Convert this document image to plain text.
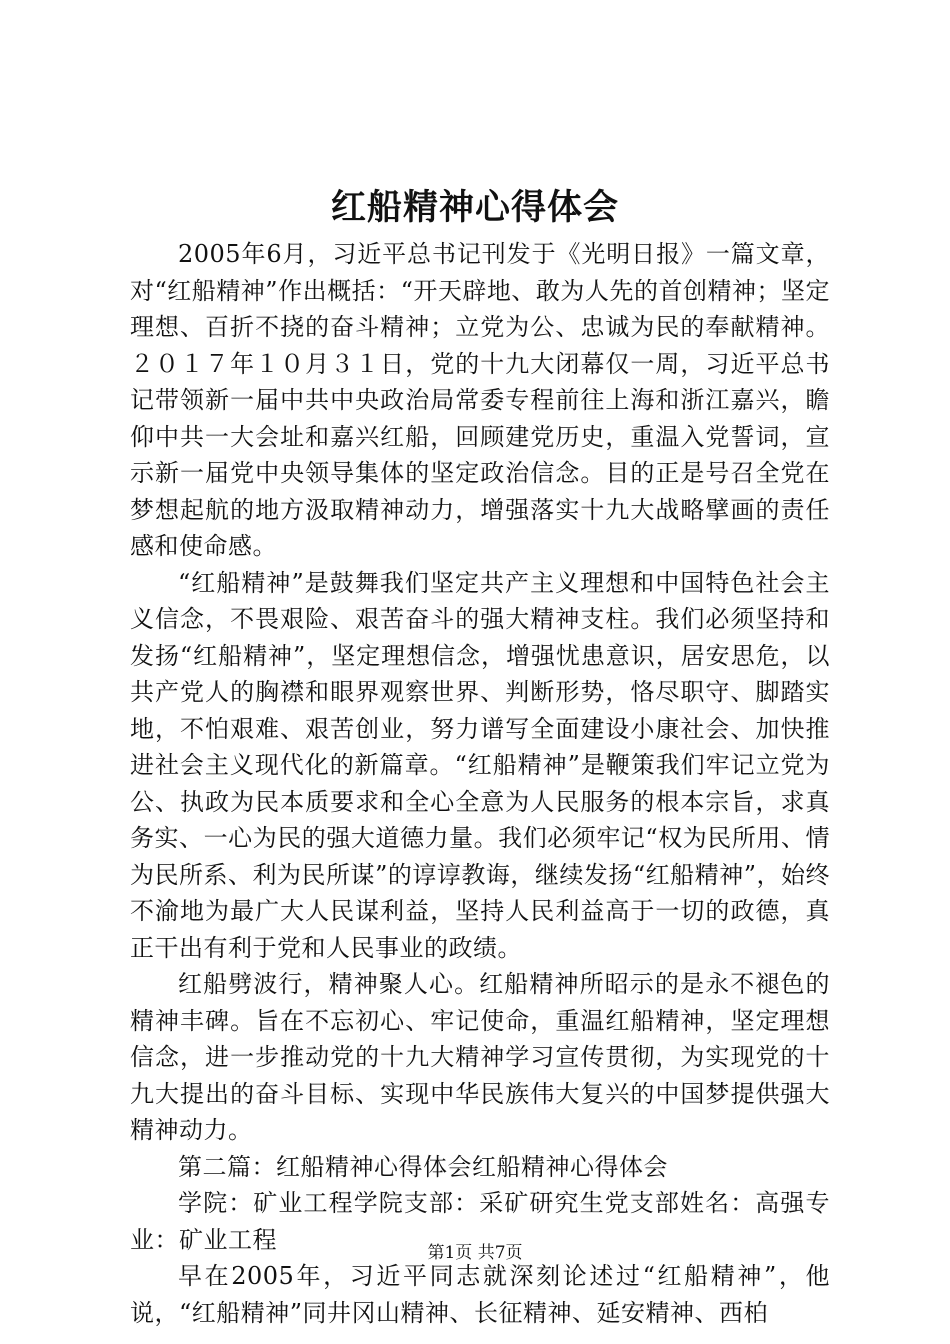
红船精神心得体会

2005年6月，习近平总书记刊发于《光明日报》一篇文章，对“红船精神”作出概括：“开天辟地、敢为人先的首创精神；坚定理想、百折不挠的奋斗精神；立党为公、忠诚为民的奉献精神。２０１７年１０月３１日，党的十九大闭幕仅一周，习近平总书记带领新一届中共中央政治局常委专程前往上海和浙江嘉兴，瞻仰中共一大会址和嘉兴红船，回顾建党历史，重温入党誓词，宣示新一届党中央领导集体的坚定政治信念。目的正是号召全党在梦想起航的地方汲取精神动力，增强落实十九大战略擘画的责任感和使命感。

“红船精神”是鼓舞我们坚定共产主义理想和中国特色社会主义信念，不畏艰险、艰苦奋斗的强大精神支柱。我们必须坚持和发扬“红船精神”，坚定理想信念，增强忧患意识，居安思危，以共产党人的胸襟和眼界观察世界、判断形势，恪尽职守、脚踏实地，不怕艰难、艰苦创业，努力谱写全面建设小康社会、加快推进社会主义现代化的新篇章。“红船精神”是鞭策我们牢记立党为公、执政为民本质要求和全心全意为人民服务的根本宗旨，求真务实、一心为民的强大道德力量。我们必须牢记“权为民所用、情为民所系、利为民所谋”的谆谆教诲，继续发扬“红船精神”，始终不渝地为最广大人民谋利益，坚持人民利益高于一切的政德，真正干出有利于党和人民事业的政绩。

红船劈波行，精神聚人心。红船精神所昭示的是永不褪色的精神丰碑。旨在不忘初心、牢记使命，重温红船精神，坚定理想信念，进一步推动党的十九大精神学习宣传贯彻，为实现党的十九大提出的奋斗目标、实现中华民族伟大复兴的中国梦提供强大精神动力。

第二篇：红船精神心得体会红船精神心得体会

学院：矿业工程学院支部：采矿研究生党支部姓名：高强专业：矿业工程

早在2005年，习近平同志就深刻论述过“红船精神”，他说，“红船精神”同井冈山精神、长征精神、延安精神、西柏

第1页 共7页
